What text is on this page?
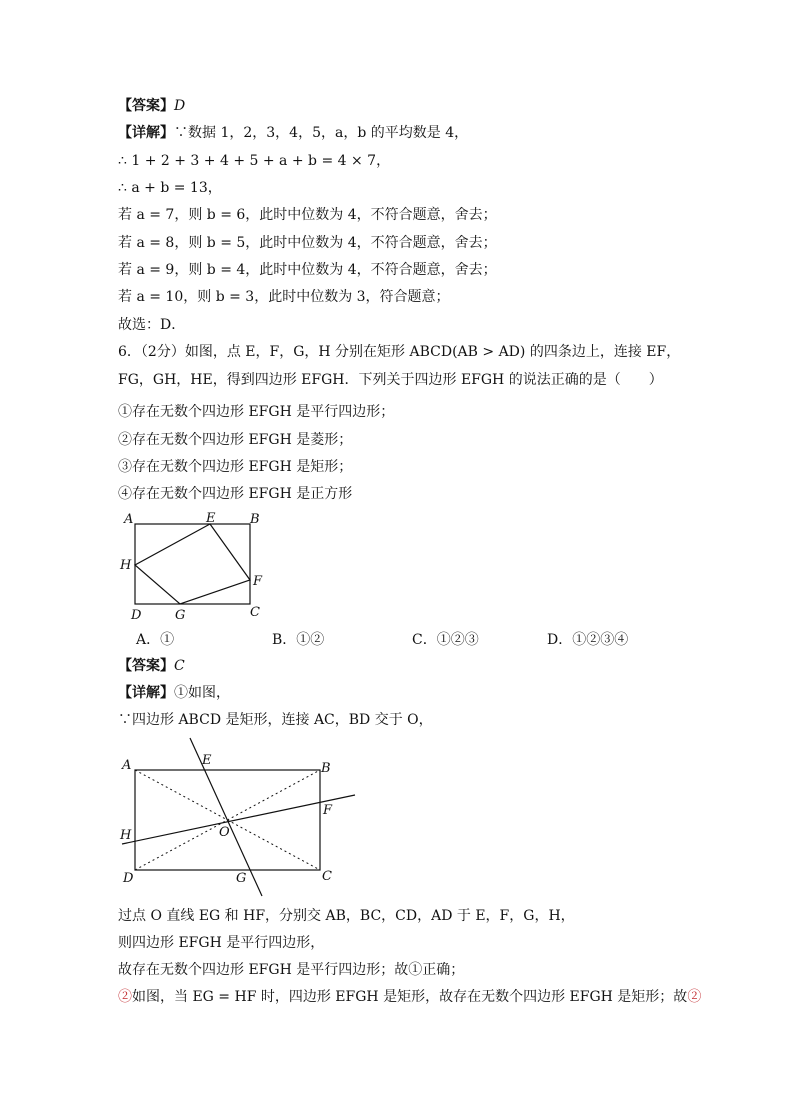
【答案】D
【详解】∵数据 1，2，3，4，5，a，b 的平均数是 4，
∴ 1 + 2 + 3 + 4 + 5 + a + b = 4 × 7，
∴ a + b = 13，
若 a = 7，则 b = 6，此时中位数为 4，不符合题意，舍去；
若 a = 8，则 b = 5，此时中位数为 4，不符合题意，舍去；
若 a = 9，则 b = 4，此时中位数为 4，不符合题意，舍去；
若 a = 10，则 b = 3，此时中位数为 3，符合题意；
故选：D．
6．（2分）如图，点 E，F，G，H 分别在矩形 ABCD(AB > AD) 的四条边上，连接 EF，
FG，GH，HE，得到四边形 EFGH．下列关于四边形 EFGH 的说法正确的是（　　）
①存在无数个四边形 EFGH 是平行四边形；
②存在无数个四边形 EFGH 是菱形；
③存在无数个四边形 EFGH 是矩形；
④存在无数个四边形 EFGH 是正方形
A	E	B
H
F
D	G	C
A．①	B．①②	C．①②③	D．①②③④
【答案】C
【详解】①如图，
∵四边形 ABCD 是矩形，连接 AC，BD 交于 O，
A	E
B
F
H	O
D	G	C
过点 O 直线 EG 和 HF，分别交 AB，BC，CD，AD 于 E，F，G，H，
则四边形 EFGH 是平行四边形，
故存在无数个四边形 EFGH 是平行四边形；故①正确；
②如图，当 EG = HF 时，四边形 EFGH 是矩形，故存在无数个四边形 EFGH 是矩形；故②
